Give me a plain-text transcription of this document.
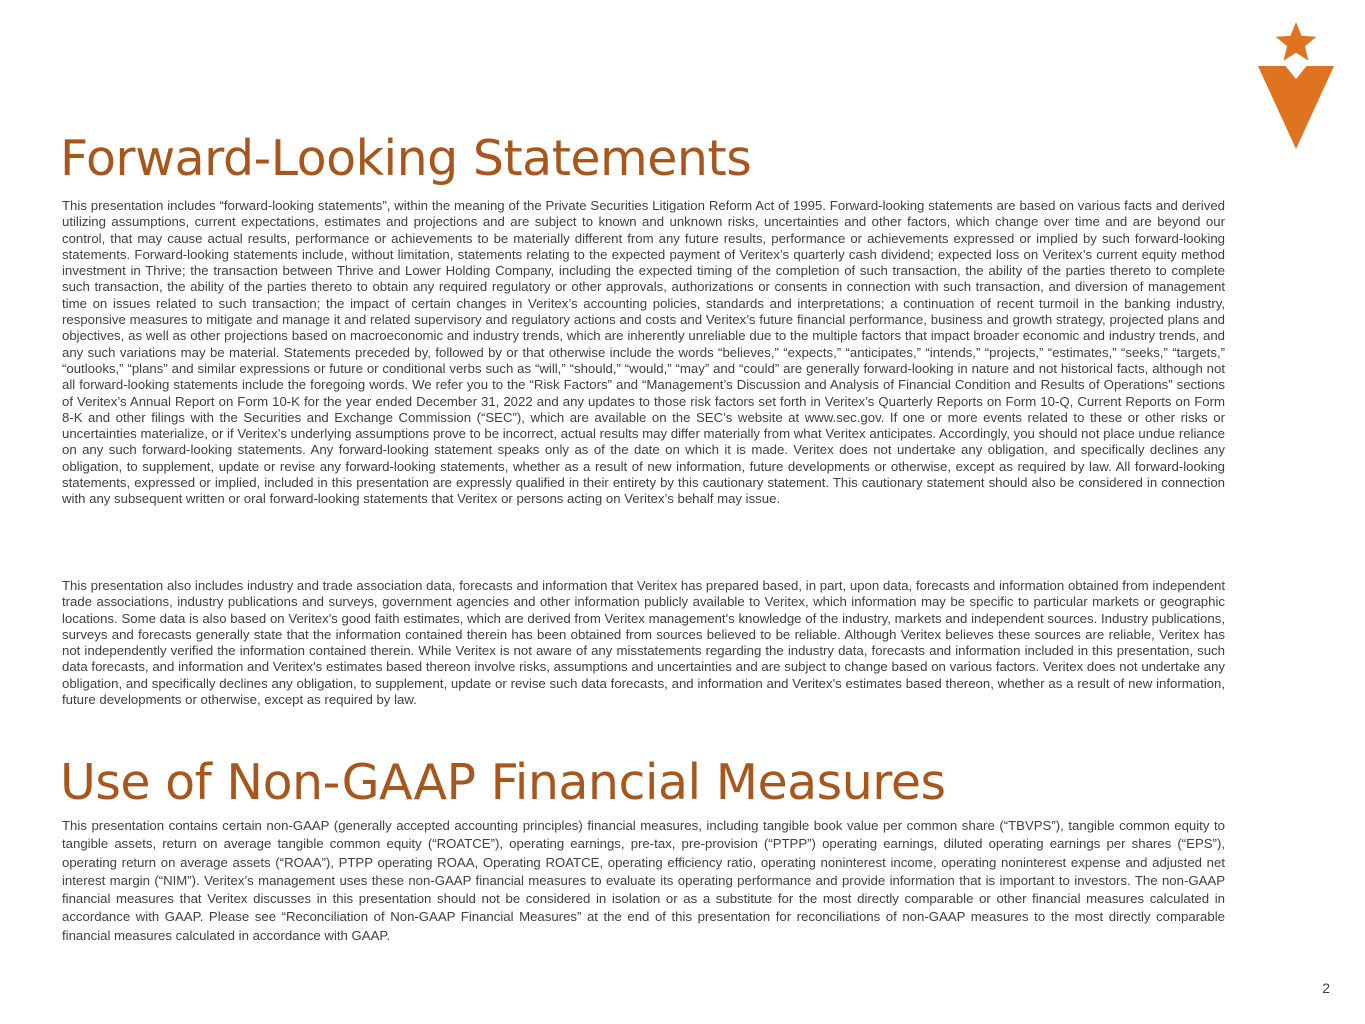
Forward-Looking Statements

This presentation includes “forward-looking statements”, within the meaning of the Private Securities Litigation Reform Act of 1995. Forward-looking statements are based on various facts and derived utilizing assumptions, current expectations, estimates and projections and are subject to known and unknown risks, uncertainties and other factors, which change over time and are beyond our control, that may cause actual results, performance or achievements to be materially different from any future results, performance or achievements expressed or implied by such forward-looking statements. Forward-looking statements include, without limitation, statements relating to the expected payment of Veritex’s quarterly cash dividend; expected loss on Veritex’s current equity method investment in Thrive; the transaction between Thrive and Lower Holding Company, including the expected timing of the completion of such transaction, the ability of the parties thereto to complete such transaction, the ability of the parties thereto to obtain any required regulatory or other approvals, authorizations or consents in connection with such transaction, and diversion of management time on issues related to such transaction; the impact of certain changes in Veritex’s accounting policies, standards and interpretations; a continuation of recent turmoil in the banking industry, responsive measures to mitigate and manage it and related supervisory and regulatory actions and costs and Veritex’s future financial performance, business and growth strategy, projected plans and objectives, as well as other projections based on macroeconomic and industry trends, which are inherently unreliable due to the multiple factors that impact broader economic and industry trends, and any such variations may be material. Statements preceded by, followed by or that otherwise include the words “believes,” “expects,” “anticipates,” “intends,” “projects,” “estimates,” “seeks,” “targets,” “outlooks,” “plans” and similar expressions or future or conditional verbs such as “will,” “should,” “would,” “may” and “could” are generally forward-looking in nature and not historical facts, although not all forward-looking statements include the foregoing words. We refer you to the “Risk Factors” and “Management’s Discussion and Analysis of Financial Condition and Results of Operations” sections of Veritex’s Annual Report on Form 10-K for the year ended December 31, 2022 and any updates to those risk factors set forth in Veritex’s Quarterly Reports on Form 10-Q, Current Reports on Form 8-K and other filings with the Securities and Exchange Commission (“SEC”), which are available on the SEC’s website at www.sec.gov. If one or more events related to these or other risks or uncertainties materialize, or if Veritex’s underlying assumptions prove to be incorrect, actual results may differ materially from what Veritex anticipates. Accordingly, you should not place undue reliance on any such forward-looking statements. Any forward-looking statement speaks only as of the date on which it is made. Veritex does not undertake any obligation, and specifically declines any obligation, to supplement, update or revise any forward-looking statements, whether as a result of new information, future developments or otherwise, except as required by law. All forward-looking statements, expressed or implied, included in this presentation are expressly qualified in their entirety by this cautionary statement. This cautionary statement should also be considered in connection with any subsequent written or oral forward-looking statements that Veritex or persons acting on Veritex’s behalf may issue.

This presentation also includes industry and trade association data, forecasts and information that Veritex has prepared based, in part, upon data, forecasts and information obtained from independent trade associations, industry publications and surveys, government agencies and other information publicly available to Veritex, which information may be specific to particular markets or geographic locations. Some data is also based on Veritex's good faith estimates, which are derived from Veritex management's knowledge of the industry, markets and independent sources. Industry publications, surveys and forecasts generally state that the information contained therein has been obtained from sources believed to be reliable. Although Veritex believes these sources are reliable, Veritex has not independently verified the information contained therein. While Veritex is not aware of any misstatements regarding the industry data, forecasts and information included in this presentation, such data forecasts, and information and Veritex's estimates based thereon involve risks, assumptions and uncertainties and are subject to change based on various factors. Veritex does not undertake any obligation, and specifically declines any obligation, to supplement, update or revise such data forecasts, and information and Veritex's estimates based thereon, whether as a result of new information, future developments or otherwise, except as required by law.

Use of Non-GAAP Financial Measures

This presentation contains certain non-GAAP (generally accepted accounting principles) financial measures, including tangible book value per common share (“TBVPS”), tangible common equity to tangible assets, return on average tangible common equity (“ROATCE”), operating earnings, pre-tax, pre-provision (“PTPP”) operating earnings, diluted operating earnings per shares (“EPS”), operating return on average assets (“ROAA”), PTPP operating ROAA, Operating ROATCE, operating efficiency ratio, operating noninterest income, operating noninterest expense and adjusted net interest margin (“NIM”). Veritex’s management uses these non-GAAP financial measures to evaluate its operating performance and provide information that is important to investors. The non-GAAP financial measures that Veritex discusses in this presentation should not be considered in isolation or as a substitute for the most directly comparable or other financial measures calculated in accordance with GAAP. Please see “Reconciliation of Non-GAAP Financial Measures” at the end of this presentation for reconciliations of non-GAAP measures to the most directly comparable financial measures calculated in accordance with GAAP.

2
